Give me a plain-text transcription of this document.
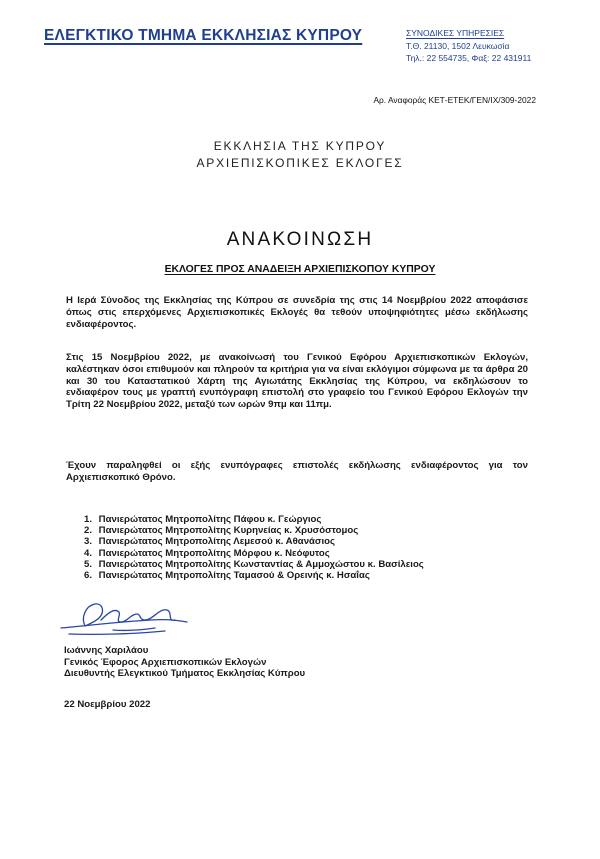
ΕΛΕΓΚΤΙΚΟ ΤΜΗΜΑ ΕΚΚΛΗΣΙΑΣ ΚΥΠΡΟΥ	ΣΥΝΟΔΙΚΕΣ ΥΠΗΡΕΣΙΕΣ
Τ.Θ. 21130, 1502 Λευκωσία
Τηλ.: 22 554735, Φαξ: 22 431911
Αρ. Αναφοράς ΚΕΤ-ΕΤΕΚ/ΓΕΝ/ΙΧ/309-2022
ΕΚΚΛΗΣΙΑ ΤΗΣ ΚΥΠΡΟΥ
ΑΡΧΙΕΠΙΣΚΟΠΙΚΕΣ ΕΚΛΟΓΕΣ
ΑΝΑΚΟΙΝΩΣΗ
ΕΚΛΟΓΕΣ ΠΡΟΣ ΑΝΑΔΕΙΞΗ ΑΡΧΙΕΠΙΣΚΟΠΟΥ ΚΥΠΡΟΥ

Η Ιερά Σύνοδος της Εκκλησίας της Κύπρου σε συνεδρία της στις 14 Νοεμβρίου 2022 αποφάσισε όπως στις επερχόμενες Αρχιεπισκοπικές Εκλογές θα τεθούν υποψηφιότητες μέσω εκδήλωσης ενδιαφέροντος.

Στις 15 Νοεμβρίου 2022, με ανακοίνωσή του Γενικού Εφόρου Αρχιεπισκοπικών Εκλογών, καλέστηκαν όσοι επιθυμούν και πληρούν τα κριτήρια για να είναι εκλόγιμοι σύμφωνα με τα άρθρα 20 και 30 του Καταστατικού Χάρτη της Αγιωτάτης Εκκλησίας της Κύπρου, να εκδηλώσουν το ενδιαφέρον τους με γραπτή ενυπόγραφη επιστολή στο γραφείο του Γενικού Εφόρου Εκλογών την Τρίτη 22 Νοεμβρίου 2022, μεταξύ των ωρών 9πμ και 11πμ.

Έχουν παραληφθεί οι εξής ενυπόγραφες επιστολές εκδήλωσης ενδιαφέροντος για τον Αρχιεπισκοπικό Θρόνο.

1. Πανιερώτατος Μητροπολίτης Πάφου κ. Γεώργιος
2. Πανιερώτατος Μητροπολίτης Κυρηνείας κ. Χρυσόστομος
3. Πανιερώτατος Μητροπολίτης Λεμεσού κ. Αθανάσιος
4. Πανιερώτατος Μητροπολίτης Μόρφου κ. Νεόφυτος
5. Πανιερώτατος Μητροπολίτης Κωνσταντίας & Αμμοχώστου κ. Βασίλειος
6. Πανιερώτατος Μητροπολίτης Ταμασού & Ορεινής κ. Ησαΐας
Ιωάννης Χαριλάου
Γενικός Έφορος Αρχιεπισκοπικών Εκλογών
Διευθυντής Ελεγκτικού Τμήματος Εκκλησίας Κύπρου
22 Νοεμβρίου 2022
